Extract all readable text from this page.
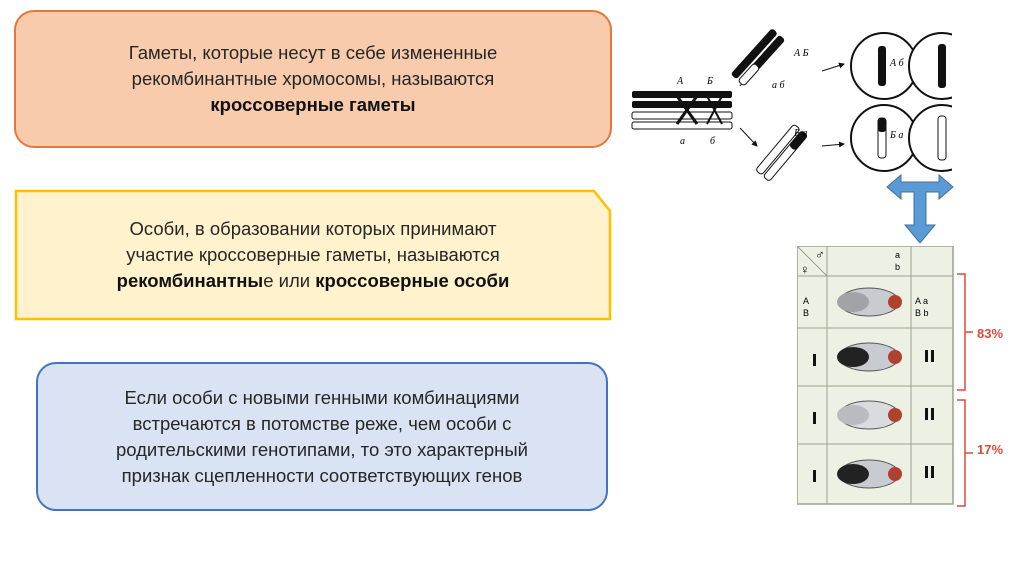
Гаметы, которые несут в себе измененные
рекомбинантные хромосомы, называются
кроссоверные гаметы
Особи, в образовании которых принимают
участие кроссоверные гаметы, называются
рекомбинантные или кроссоверные особи
Если особи с новыми генными комбинациями
встречаются в потомстве реже, чем особи с
родительскими генотипами, то это характерный
признак сцепленности соответствующих генов
А Б
а	б
А Б
а б
Б а
А б
Б а
♂
♀
a
b
A
B
A a
B b
83%
17%
